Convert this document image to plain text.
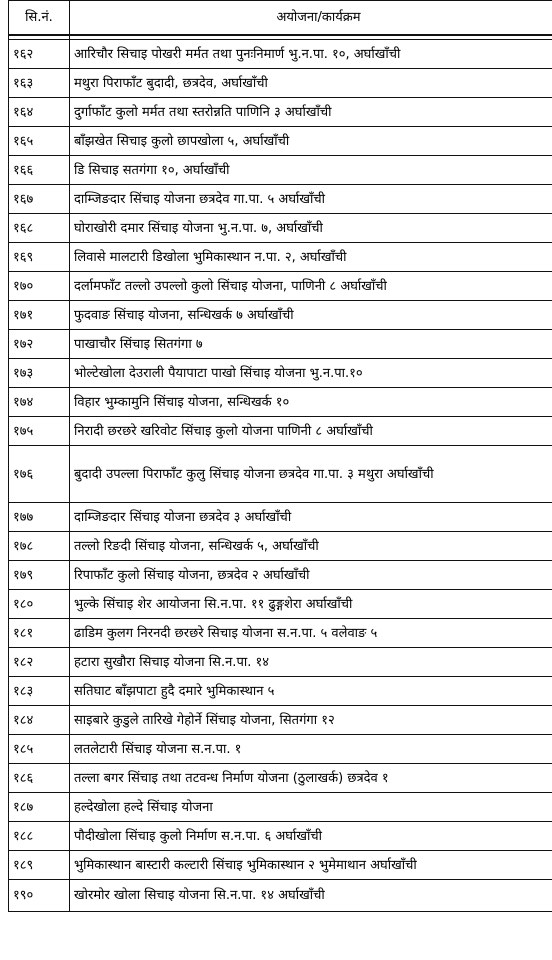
सि.नं.	अयोजना/कार्यक्रम

१६२	आरिचौर सिचाइ पोखरी मर्मत तथा पुनःनिमार्ण भु.न.पा. १०, अर्घाखाँची
१६३	मथुरा पिराफाँट बुदादी, छत्रदेव, अर्घाखाँची
१६४	दुर्गाफाँट कुलो मर्मत तथा स्तरोन्नति पाणिनि ३ अर्घाखाँची
१६५	बाँझखेत सिचाइ कुलो छापखोला ५, अर्घाखाँची
१६६	डि सिचाइ सतगंगा १०, अर्घाखाँची
१६७	दाम्जिङदार सिंचाइ योजना छत्रदेव गा.पा. ५ अर्घाखाँची
१६८	घोराखोरी दमार सिंचाइ योजना भु.न.पा. ७, अर्घाखाँची
१६९	लिवासे मालटारी डिखोला भुमिकास्थान न.पा. २, अर्घाखाँची
१७०	दर्लामफाँट तल्लो उपल्लो कुलो सिंचाइ योजना, पाणिनी ८ अर्घाखाँची
१७१	फुदवाङ सिंचाइ योजना, सन्धिखर्क ७ अर्घाखाँची
१७२	पाखाचौर सिंचाइ सितगंगा ७
१७३	भोल्टेखोला देउराली पैयापाटा पाखो सिंचाइ योजना भु.न.पा.१०
१७४	विहार भुम्कामुनि सिंचाइ योजना, सन्धिखर्क १०
१७५	निरादी छरछरे खरिवोट सिंचाइ कुलो योजना पाणिनी ८ अर्घाखाँची
१७६	बुदादी उपल्ला पिराफाँट कुलु सिंचाइ योजना छत्रदेव गा.पा. ३ मथुरा अर्घाखाँची
१७७	दाम्जिङदार सिंचाइ योजना छत्रदेव ३ अर्घाखाँची
१७८	तल्लो रिङदी सिंचाइ योजना, सन्धिखर्क ५, अर्घाखाँची
१७९	रिपाफाँट कुलो सिंचाइ योजना, छत्रदेव २ अर्घाखाँची
१८०	भुल्के सिंचाइ शेर आयोजना सि.न.पा. ११ ढुङ्गशेरा अर्घाखाँची
१८१	ढाडिम कुलग निरनदी छरछरे सिचाइ योजना स.न.पा. ५ वलेवाङ ५
१८२	हटारा सुखौरा सिचाइ योजना सि.न.पा. १४
१८३	सतिघाट बाँझपाटा हुदै दमारे भुमिकास्थान ५
१८४	साइबारे कुडुले तारिखे गेहोर्ने सिंचाइ योजना, सितगंगा १२
१८५	लतलेटारी सिंचाइ योजना स.न.पा. १
१८६	तल्ला बगर सिंचाइ तथा तटवन्ध निर्माण योजना (ठुलाखर्क) छत्रदेव १
१८७	हल्देखोला हल्दे सिंचाइ योजना
१८८	पौदीखोला सिंचाइ कुलो निर्माण स.न.पा. ६ अर्घाखाँची
१८९	भुमिकास्थान बास्टारी कल्टारी सिंचाइ भुमिकास्थान २ भुमेमाथान अर्घाखाँची
१९०	खोरमोर खोला सिचाइ योजना सि.न.पा. १४ अर्घाखाँची
